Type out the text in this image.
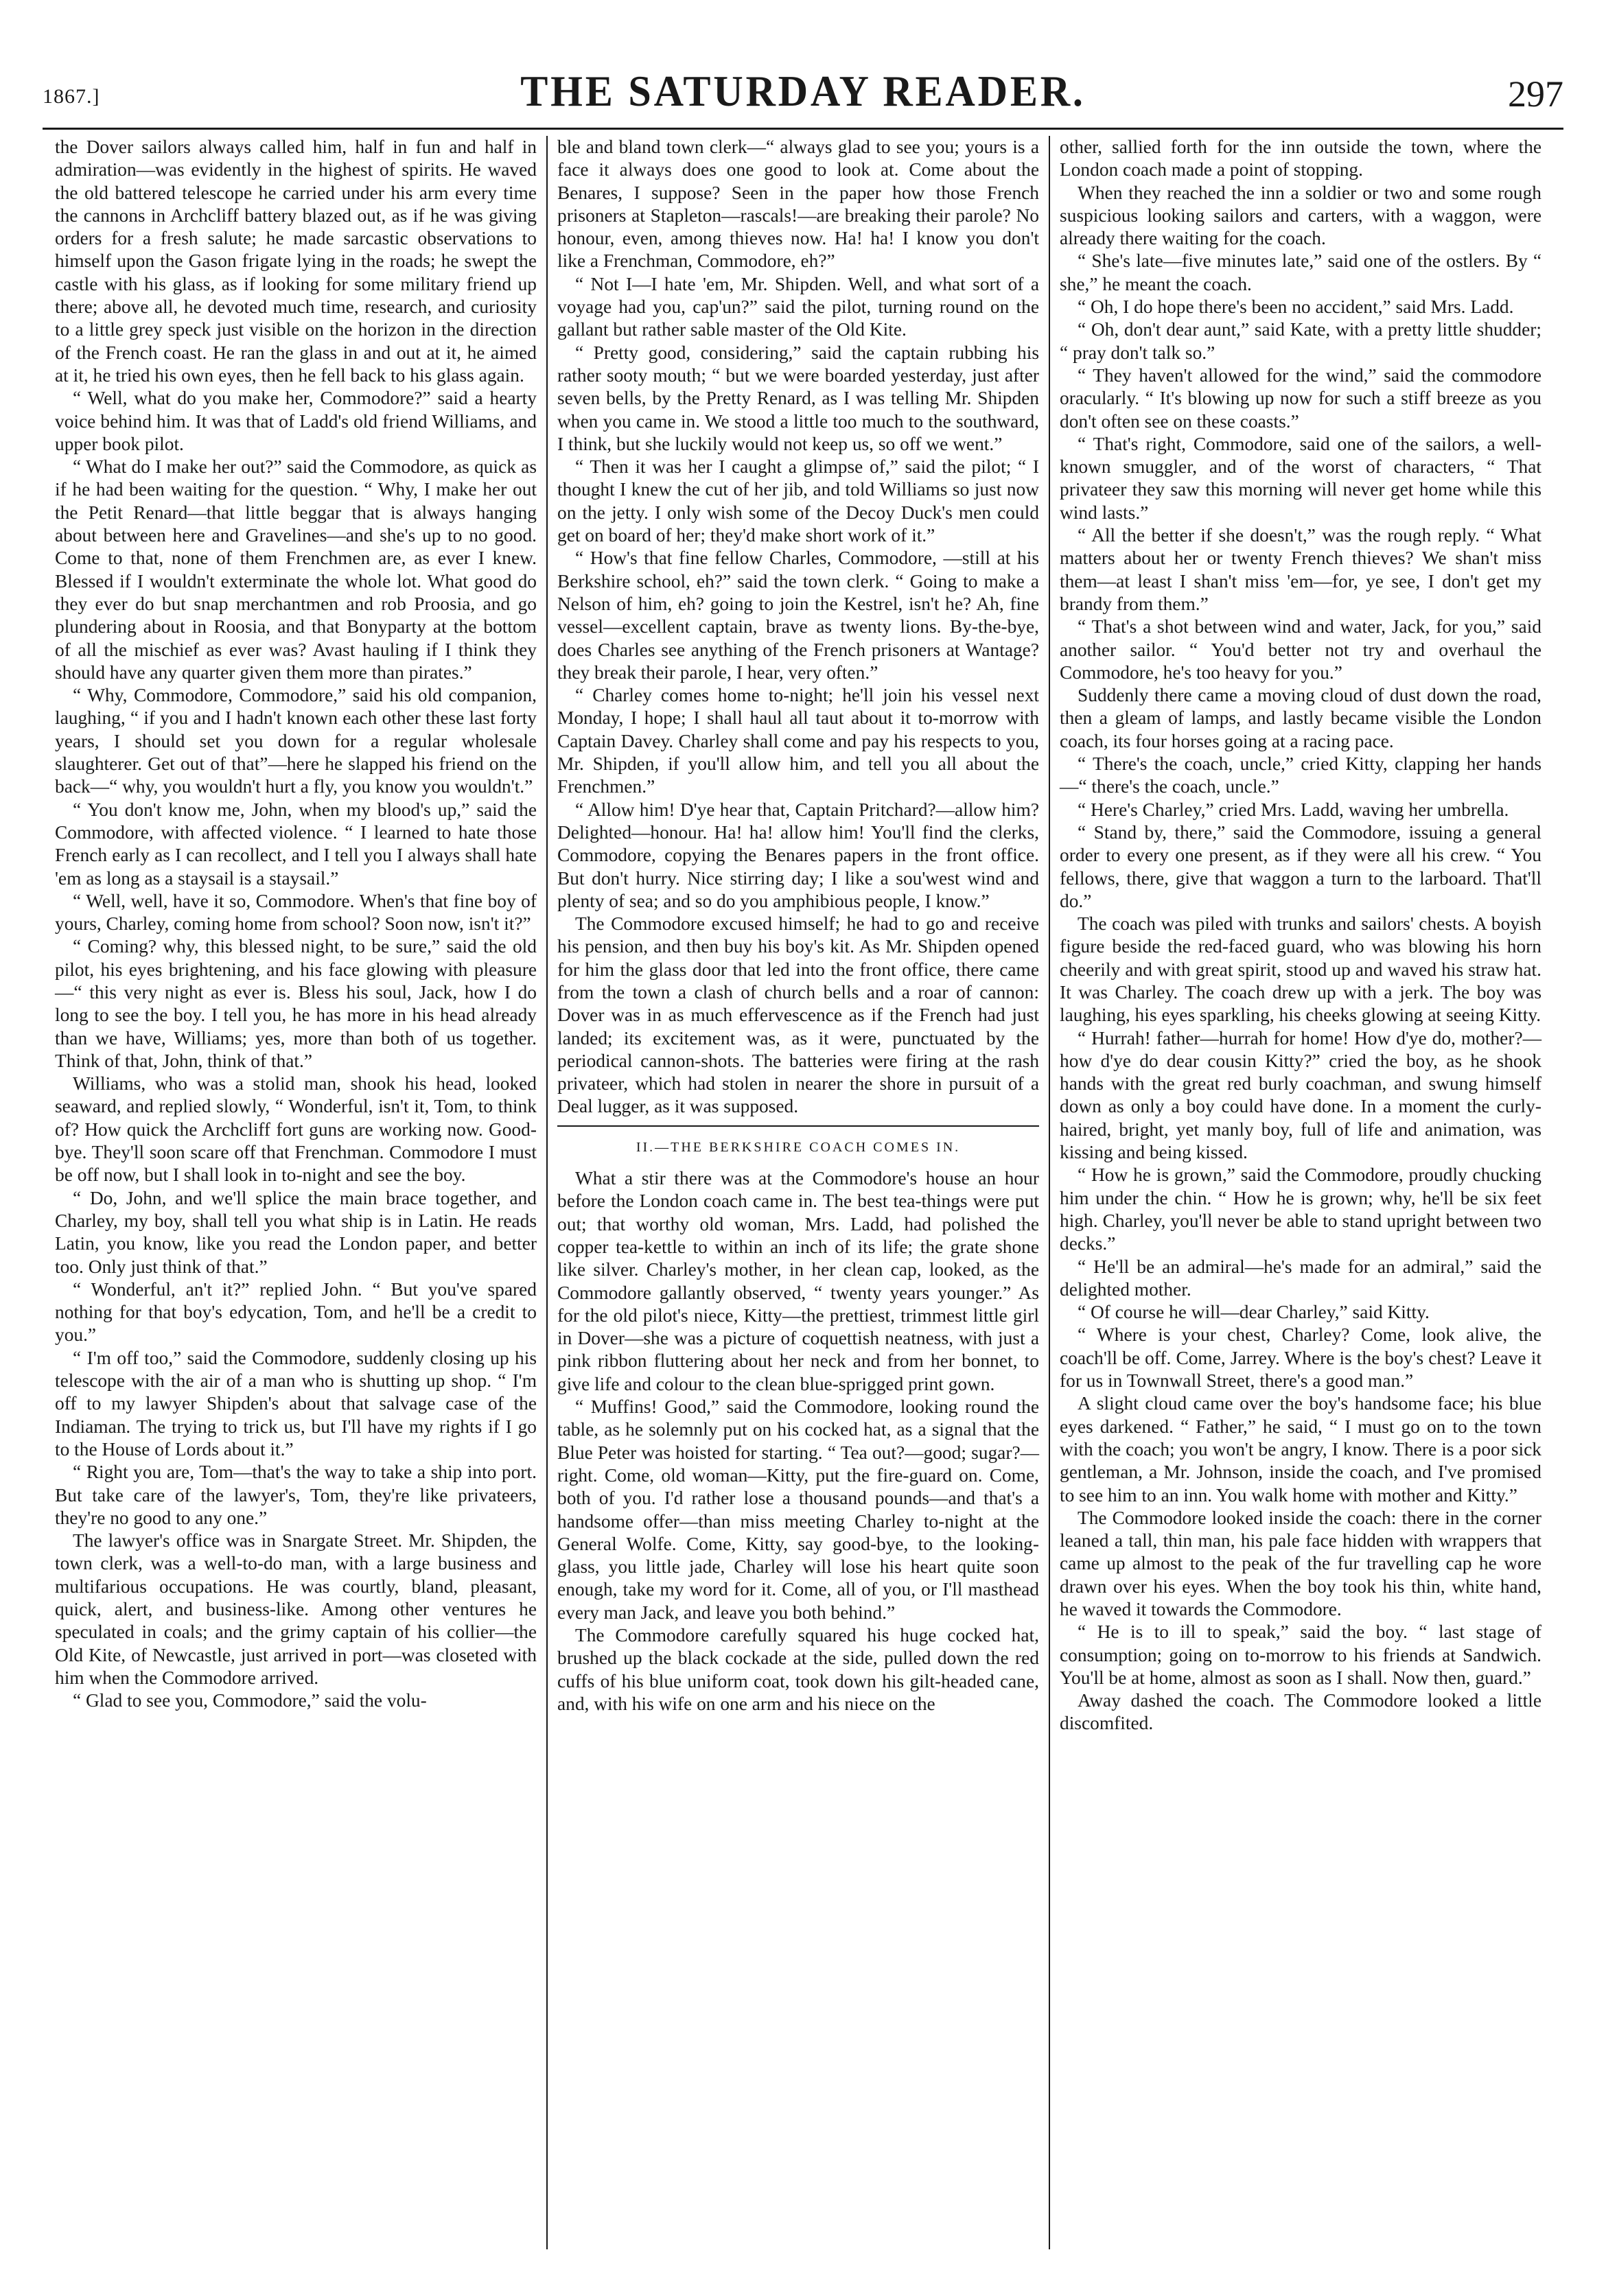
1867.]	THE SATURDAY READER.	297

the Dover sailors always called him, half in fun and half in admiration—was evidently in the highest of spirits. He waved the old battered telescope he carried under his arm every time the cannons in Archcliff battery blazed out, as if he was giving orders for a fresh salute; he made sarcastic observations to himself upon the Gason frigate lying in the roads; he swept the castle with his glass, as if looking for some military friend up there; above all, he devoted much time, research, and curiosity to a little grey speck just visible on the horizon in the direction of the French coast. He ran the glass in and out at it, he aimed at it, he tried his own eyes, then he fell back to his glass again.

“ Well, what do you make her, Commodore?” said a hearty voice behind him. It was that of Ladd's old friend Williams, and upper book pilot.

“ What do I make her out?” said the Commodore, as quick as if he had been waiting for the question. “ Why, I make her out the Petit Renard—that little beggar that is always hanging about between here and Gravelines—and she's up to no good. Come to that, none of them Frenchmen are, as ever I knew. Blessed if I wouldn't exterminate the whole lot. What good do they ever do but snap merchantmen and rob Proosia, and go plundering about in Roosia, and that Bonyparty at the bottom of all the mischief as ever was? Avast hauling if I think they should have any quarter given them more than pirates.”

“ Why, Commodore, Commodore,” said his old companion, laughing, “ if you and I hadn't known each other these last forty years, I should set you down for a regular wholesale slaughterer. Get out of that”—here he slapped his friend on the back—“ why, you wouldn't hurt a fly, you know you wouldn't.”

“ You don't know me, John, when my blood's up,” said the Commodore, with affected violence. “ I learned to hate those French early as I can recollect, and I tell you I always shall hate 'em as long as a staysail is a staysail.”

“ Well, well, have it so, Commodore. When's that fine boy of yours, Charley, coming home from school? Soon now, isn't it?”

“ Coming? why, this blessed night, to be sure,” said the old pilot, his eyes brightening, and his face glowing with pleasure—“ this very night as ever is. Bless his soul, Jack, how I do long to see the boy. I tell you, he has more in his head already than we have, Williams; yes, more than both of us together. Think of that, John, think of that.”

Williams, who was a stolid man, shook his head, looked seaward, and replied slowly, “ Wonderful, isn't it, Tom, to think of? How quick the Archcliff fort guns are working now. Good-bye. They'll soon scare off that Frenchman. Commodore I must be off now, but I shall look in to-night and see the boy.

“ Do, John, and we'll splice the main brace together, and Charley, my boy, shall tell you what ship is in Latin. He reads Latin, you know, like you read the London paper, and better too. Only just think of that.”

“ Wonderful, an't it?” replied John. “ But you've spared nothing for that boy's edycation, Tom, and he'll be a credit to you.”

“ I'm off too,” said the Commodore, suddenly closing up his telescope with the air of a man who is shutting up shop. “ I'm off to my lawyer Shipden's about that salvage case of the Indiaman. The trying to trick us, but I'll have my rights if I go to the House of Lords about it.”

“ Right you are, Tom—that's the way to take a ship into port. But take care of the lawyer's, Tom, they're like privateers, they're no good to any one.”

The lawyer's office was in Snargate Street. Mr. Shipden, the town clerk, was a well-to-do man, with a large business and multifarious occupations. He was courtly, bland, pleasant, quick, alert, and business-like. Among other ventures he speculated in coals; and the grimy captain of his collier—the Old Kite, of Newcastle, just arrived in port—was closeted with him when the Commodore arrived.

“ Glad to see you, Commodore,” said the volu-

ble and bland town clerk—“ always glad to see you; yours is a face it always does one good to look at. Come about the Benares, I suppose? Seen in the paper how those French prisoners at Stapleton—rascals!—are breaking their parole? No honour, even, among thieves now. Ha! ha! I know you don't like a Frenchman, Commodore, eh?”

“ Not I—I hate 'em, Mr. Shipden. Well, and what sort of a voyage had you, cap'un?” said the pilot, turning round on the gallant but rather sable master of the Old Kite.

“ Pretty good, considering,” said the captain rubbing his rather sooty mouth; “ but we were boarded yesterday, just after seven bells, by the Pretty Renard, as I was telling Mr. Shipden when you came in. We stood a little too much to the southward, I think, but she luckily would not keep us, so off we went.”

“ Then it was her I caught a glimpse of,” said the pilot; “ I thought I knew the cut of her jib, and told Williams so just now on the jetty. I only wish some of the Decoy Duck's men could get on board of her; they'd make short work of it.”

“ How's that fine fellow Charles, Commodore, —still at his Berkshire school, eh?” said the town clerk. “ Going to make a Nelson of him, eh? going to join the Kestrel, isn't he? Ah, fine vessel—excellent captain, brave as twenty lions. By-the-bye, does Charles see anything of the French prisoners at Wantage? they break their parole, I hear, very often.”

“ Charley comes home to-night; he'll join his vessel next Monday, I hope; I shall haul all taut about it to-morrow with Captain Davey. Charley shall come and pay his respects to you, Mr. Shipden, if you'll allow him, and tell you all about the Frenchmen.”

“ Allow him! D'ye hear that, Captain Pritchard?—allow him? Delighted—honour. Ha! ha! allow him! You'll find the clerks, Commodore, copying the Benares papers in the front office. But don't hurry. Nice stirring day; I like a sou'west wind and plenty of sea; and so do you amphibious people, I know.”

The Commodore excused himself; he had to go and receive his pension, and then buy his boy's kit. As Mr. Shipden opened for him the glass door that led into the front office, there came from the town a clash of church bells and a roar of cannon: Dover was in as much effervescence as if the French had just landed; its excitement was, as it were, punctuated by the periodical cannon-shots. The batteries were firing at the rash privateer, which had stolen in nearer the shore in pursuit of a Deal lugger, as it was supposed.

II.—THE BERKSHIRE COACH COMES IN.

What a stir there was at the Commodore's house an hour before the London coach came in. The best tea-things were put out; that worthy old woman, Mrs. Ladd, had polished the copper tea-kettle to within an inch of its life; the grate shone like silver. Charley's mother, in her clean cap, looked, as the Commodore gallantly observed, “ twenty years younger.” As for the old pilot's niece, Kitty—the prettiest, trimmest little girl in Dover—she was a picture of coquettish neatness, with just a pink ribbon fluttering about her neck and from her bonnet, to give life and colour to the clean blue-sprigged print gown.

“ Muffins! Good,” said the Commodore, looking round the table, as he solemnly put on his cocked hat, as a signal that the Blue Peter was hoisted for starting. “ Tea out?—good; sugar?—right. Come, old woman—Kitty, put the fire-guard on. Come, both of you. I'd rather lose a thousand pounds—and that's a handsome offer—than miss meeting Charley to-night at the General Wolfe. Come, Kitty, say good-bye, to the looking-glass, you little jade, Charley will lose his heart quite soon enough, take my word for it. Come, all of you, or I'll masthead every man Jack, and leave you both behind.”

The Commodore carefully squared his huge cocked hat, brushed up the black cockade at the side, pulled down the red cuffs of his blue uniform coat, took down his gilt-headed cane, and, with his wife on one arm and his niece on the

other, sallied forth for the inn outside the town, where the London coach made a point of stopping.

When they reached the inn a soldier or two and some rough suspicious looking sailors and carters, with a waggon, were already there waiting for the coach.

“ She's late—five minutes late,” said one of the ostlers. By “ she,” he meant the coach.

“ Oh, I do hope there's been no accident,” said Mrs. Ladd.

“ Oh, don't dear aunt,” said Kate, with a pretty little shudder; “ pray don't talk so.”

“ They haven't allowed for the wind,” said the commodore oracularly. “ It's blowing up now for such a stiff breeze as you don't often see on these coasts.”

“ That's right, Commodore, said one of the sailors, a well-known smuggler, and of the worst of characters, “ That privateer they saw this morning will never get home while this wind lasts.”

“ All the better if she doesn't,” was the rough reply. “ What matters about her or twenty French thieves? We shan't miss them—at least I shan't miss 'em—for, ye see, I don't get my brandy from them.”

“ That's a shot between wind and water, Jack, for you,” said another sailor. “ You'd better not try and overhaul the Commodore, he's too heavy for you.”

Suddenly there came a moving cloud of dust down the road, then a gleam of lamps, and lastly became visible the London coach, its four horses going at a racing pace.

“ There's the coach, uncle,” cried Kitty, clapping her hands—“ there's the coach, uncle.”

“ Here's Charley,” cried Mrs. Ladd, waving her umbrella.

“ Stand by, there,” said the Commodore, issuing a general order to every one present, as if they were all his crew. “ You fellows, there, give that waggon a turn to the larboard. That'll do.”

The coach was piled with trunks and sailors' chests. A boyish figure beside the red-faced guard, who was blowing his horn cheerily and with great spirit, stood up and waved his straw hat. It was Charley. The coach drew up with a jerk. The boy was laughing, his eyes sparkling, his cheeks glowing at seeing Kitty.

“ Hurrah! father—hurrah for home! How d'ye do, mother?—how d'ye do dear cousin Kitty?” cried the boy, as he shook hands with the great red burly coachman, and swung himself down as only a boy could have done. In a moment the curly-haired, bright, yet manly boy, full of life and animation, was kissing and being kissed.

“ How he is grown,” said the Commodore, proudly chucking him under the chin. “ How he is grown; why, he'll be six feet high. Charley, you'll never be able to stand upright between two decks.”

“ He'll be an admiral—he's made for an admiral,” said the delighted mother.

“ Of course he will—dear Charley,” said Kitty.

“ Where is your chest, Charley? Come, look alive, the coach'll be off. Come, Jarrey. Where is the boy's chest? Leave it for us in Townwall Street, there's a good man.”

A slight cloud came over the boy's handsome face; his blue eyes darkened. “ Father,” he said, “ I must go on to the town with the coach; you won't be angry, I know. There is a poor sick gentleman, a Mr. Johnson, inside the coach, and I've promised to see him to an inn. You walk home with mother and Kitty.”

The Commodore looked inside the coach: there in the corner leaned a tall, thin man, his pale face hidden with wrappers that came up almost to the peak of the fur travelling cap he wore drawn over his eyes. When the boy took his thin, white hand, he waved it towards the Commodore.

“ He is to ill to speak,” said the boy. “ last stage of consumption; going on to-morrow to his friends at Sandwich. You'll be at home, almost as soon as I shall. Now then, guard.”

Away dashed the coach. The Commodore looked a little discomfited.
